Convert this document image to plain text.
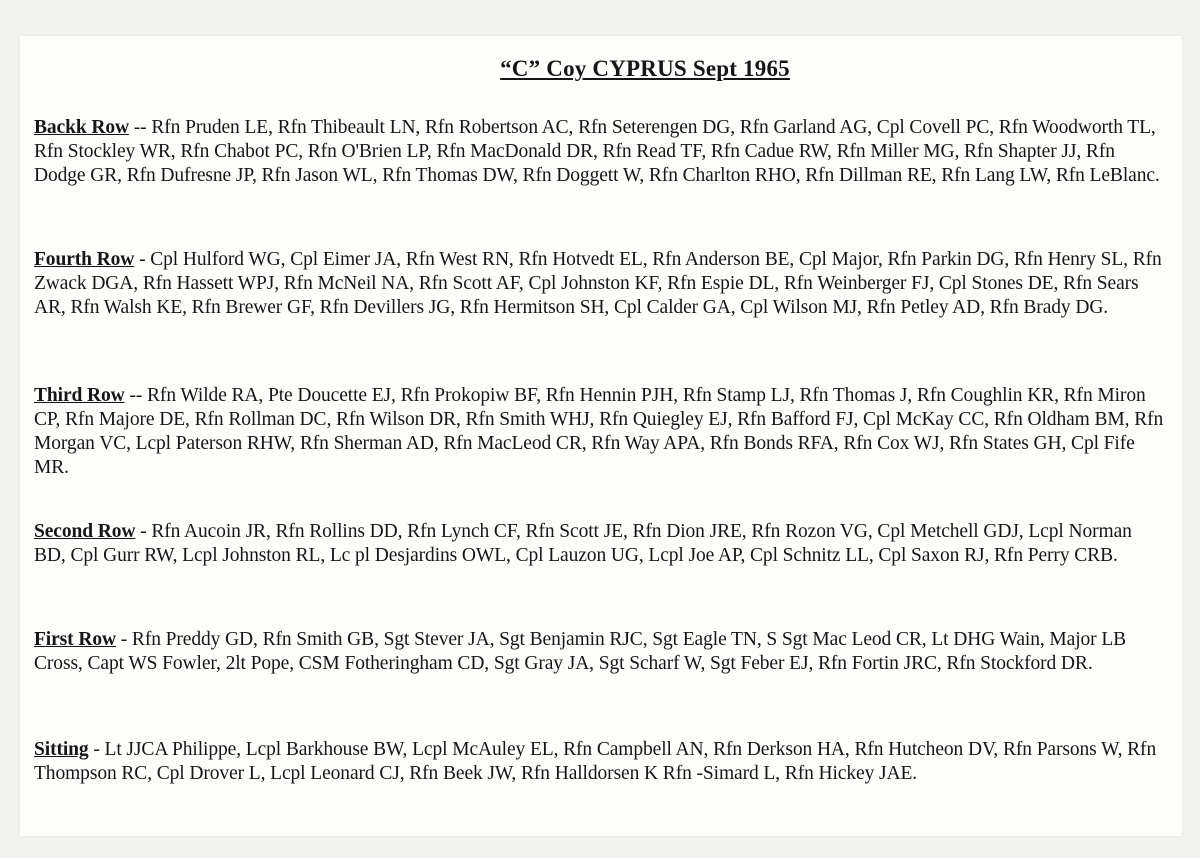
“C” Coy CYPRUS Sept 1965
Backk Row -- Rfn Pruden LE, Rfn Thibeault LN, Rfn Robertson AC, Rfn Seterengen DG, Rfn Garland AG, Cpl Covell PC, Rfn Woodworth TL, Rfn Stockley WR, Rfn Chabot PC, Rfn O'Brien LP, Rfn MacDonald DR, Rfn Read TF, Rfn Cadue RW, Rfn Miller MG, Rfn Shapter JJ, Rfn Dodge GR, Rfn Dufresne JP, Rfn Jason WL, Rfn Thomas DW, Rfn Doggett W, Rfn Charlton RHO, Rfn Dillman RE, Rfn Lang LW, Rfn LeBlanc.
Fourth Row - Cpl Hulford WG, Cpl Eimer JA, Rfn West RN, Rfn Hotvedt EL, Rfn Anderson BE, Cpl Major, Rfn Parkin DG, Rfn Henry SL, Rfn Zwack DGA, Rfn Hassett WPJ, Rfn McNeil NA, Rfn Scott AF, Cpl Johnston KF, Rfn Espie DL, Rfn Weinberger FJ, Cpl Stones DE, Rfn Sears AR, Rfn Walsh KE, Rfn Brewer GF, Rfn Devillers JG, Rfn Hermitson SH, Cpl Calder GA, Cpl Wilson MJ, Rfn Petley AD, Rfn Brady DG.
Third Row -- Rfn Wilde RA, Pte Doucette EJ, Rfn Prokopiw BF, Rfn Hennin PJH, Rfn Stamp LJ, Rfn Thomas J, Rfn Coughlin KR, Rfn Miron CP, Rfn Majore DE, Rfn Rollman DC, Rfn Wilson DR, Rfn Smith WHJ, Rfn Quiegley EJ, Rfn Bafford FJ, Cpl McKay CC, Rfn Oldham BM, Rfn Morgan VC, Lcpl Paterson RHW, Rfn Sherman AD, Rfn MacLeod CR, Rfn Way APA, Rfn Bonds RFA, Rfn Cox WJ, Rfn States GH, Cpl Fife MR.
Second Row - Rfn Aucoin JR, Rfn Rollins DD, Rfn Lynch CF, Rfn Scott JE, Rfn Dion JRE, Rfn Rozon VG, Cpl Metchell GDJ, Lcpl Norman BD, Cpl Gurr RW, Lcpl Johnston RL, Lc pl Desjardins OWL, Cpl Lauzon UG, Lcpl Joe AP, Cpl Schnitz LL, Cpl Saxon RJ, Rfn Perry CRB.
First Row - Rfn Preddy GD, Rfn Smith GB, Sgt Stever JA, Sgt Benjamin RJC, Sgt Eagle TN, S Sgt Mac Leod CR, Lt DHG Wain, Major LB Cross, Capt WS Fowler, 2lt Pope, CSM Fotheringham CD, Sgt Gray JA, Sgt Scharf W, Sgt Feber EJ, Rfn Fortin JRC, Rfn Stockford DR.
Sitting - Lt JJCA Philippe, Lcpl Barkhouse BW, Lcpl McAuley EL, Rfn Campbell AN, Rfn Derkson HA, Rfn Hutcheon DV, Rfn Parsons W, Rfn Thompson RC, Cpl Drover L, Lcpl Leonard CJ, Rfn Beek JW, Rfn Halldorsen K Rfn -Simard L, Rfn Hickey JAE.
